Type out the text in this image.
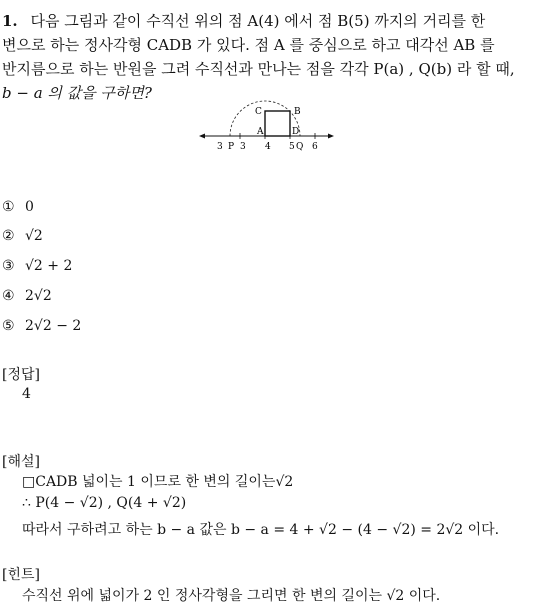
1. 다음 그림과 같이 수직선 위의 점 A(4) 에서 점 B(5) 까지의 거리를 한
변으로 하는 정사각형 CADB 가 있다. 점 A 를 중심으로 하고 대각선 AB 를
반지름으로 하는 반원을 그려 수직선과 만나는 점을 각각 P(a) , Q(b) 라 할 때,
b − a 의 값을 구하면?
C	B
A	D
3 P 3 4 5 Q 6
① 0
② √2
③ √2 + 2
④ 2√2
⑤ 2√2 − 2
[정답]
4
[해설]
□CADB 넓이는 1 이므로 한 변의 길이는√2
∴ P(4 − √2) , Q(4 + √2)
따라서 구하려고 하는 b − a 값은 b − a = 4 + √2 − (4 − √2) = 2√2 이다.
[힌트]
수직선 위에 넓이가 2 인 정사각형을 그리면 한 변의 길이는 √2 이다.
